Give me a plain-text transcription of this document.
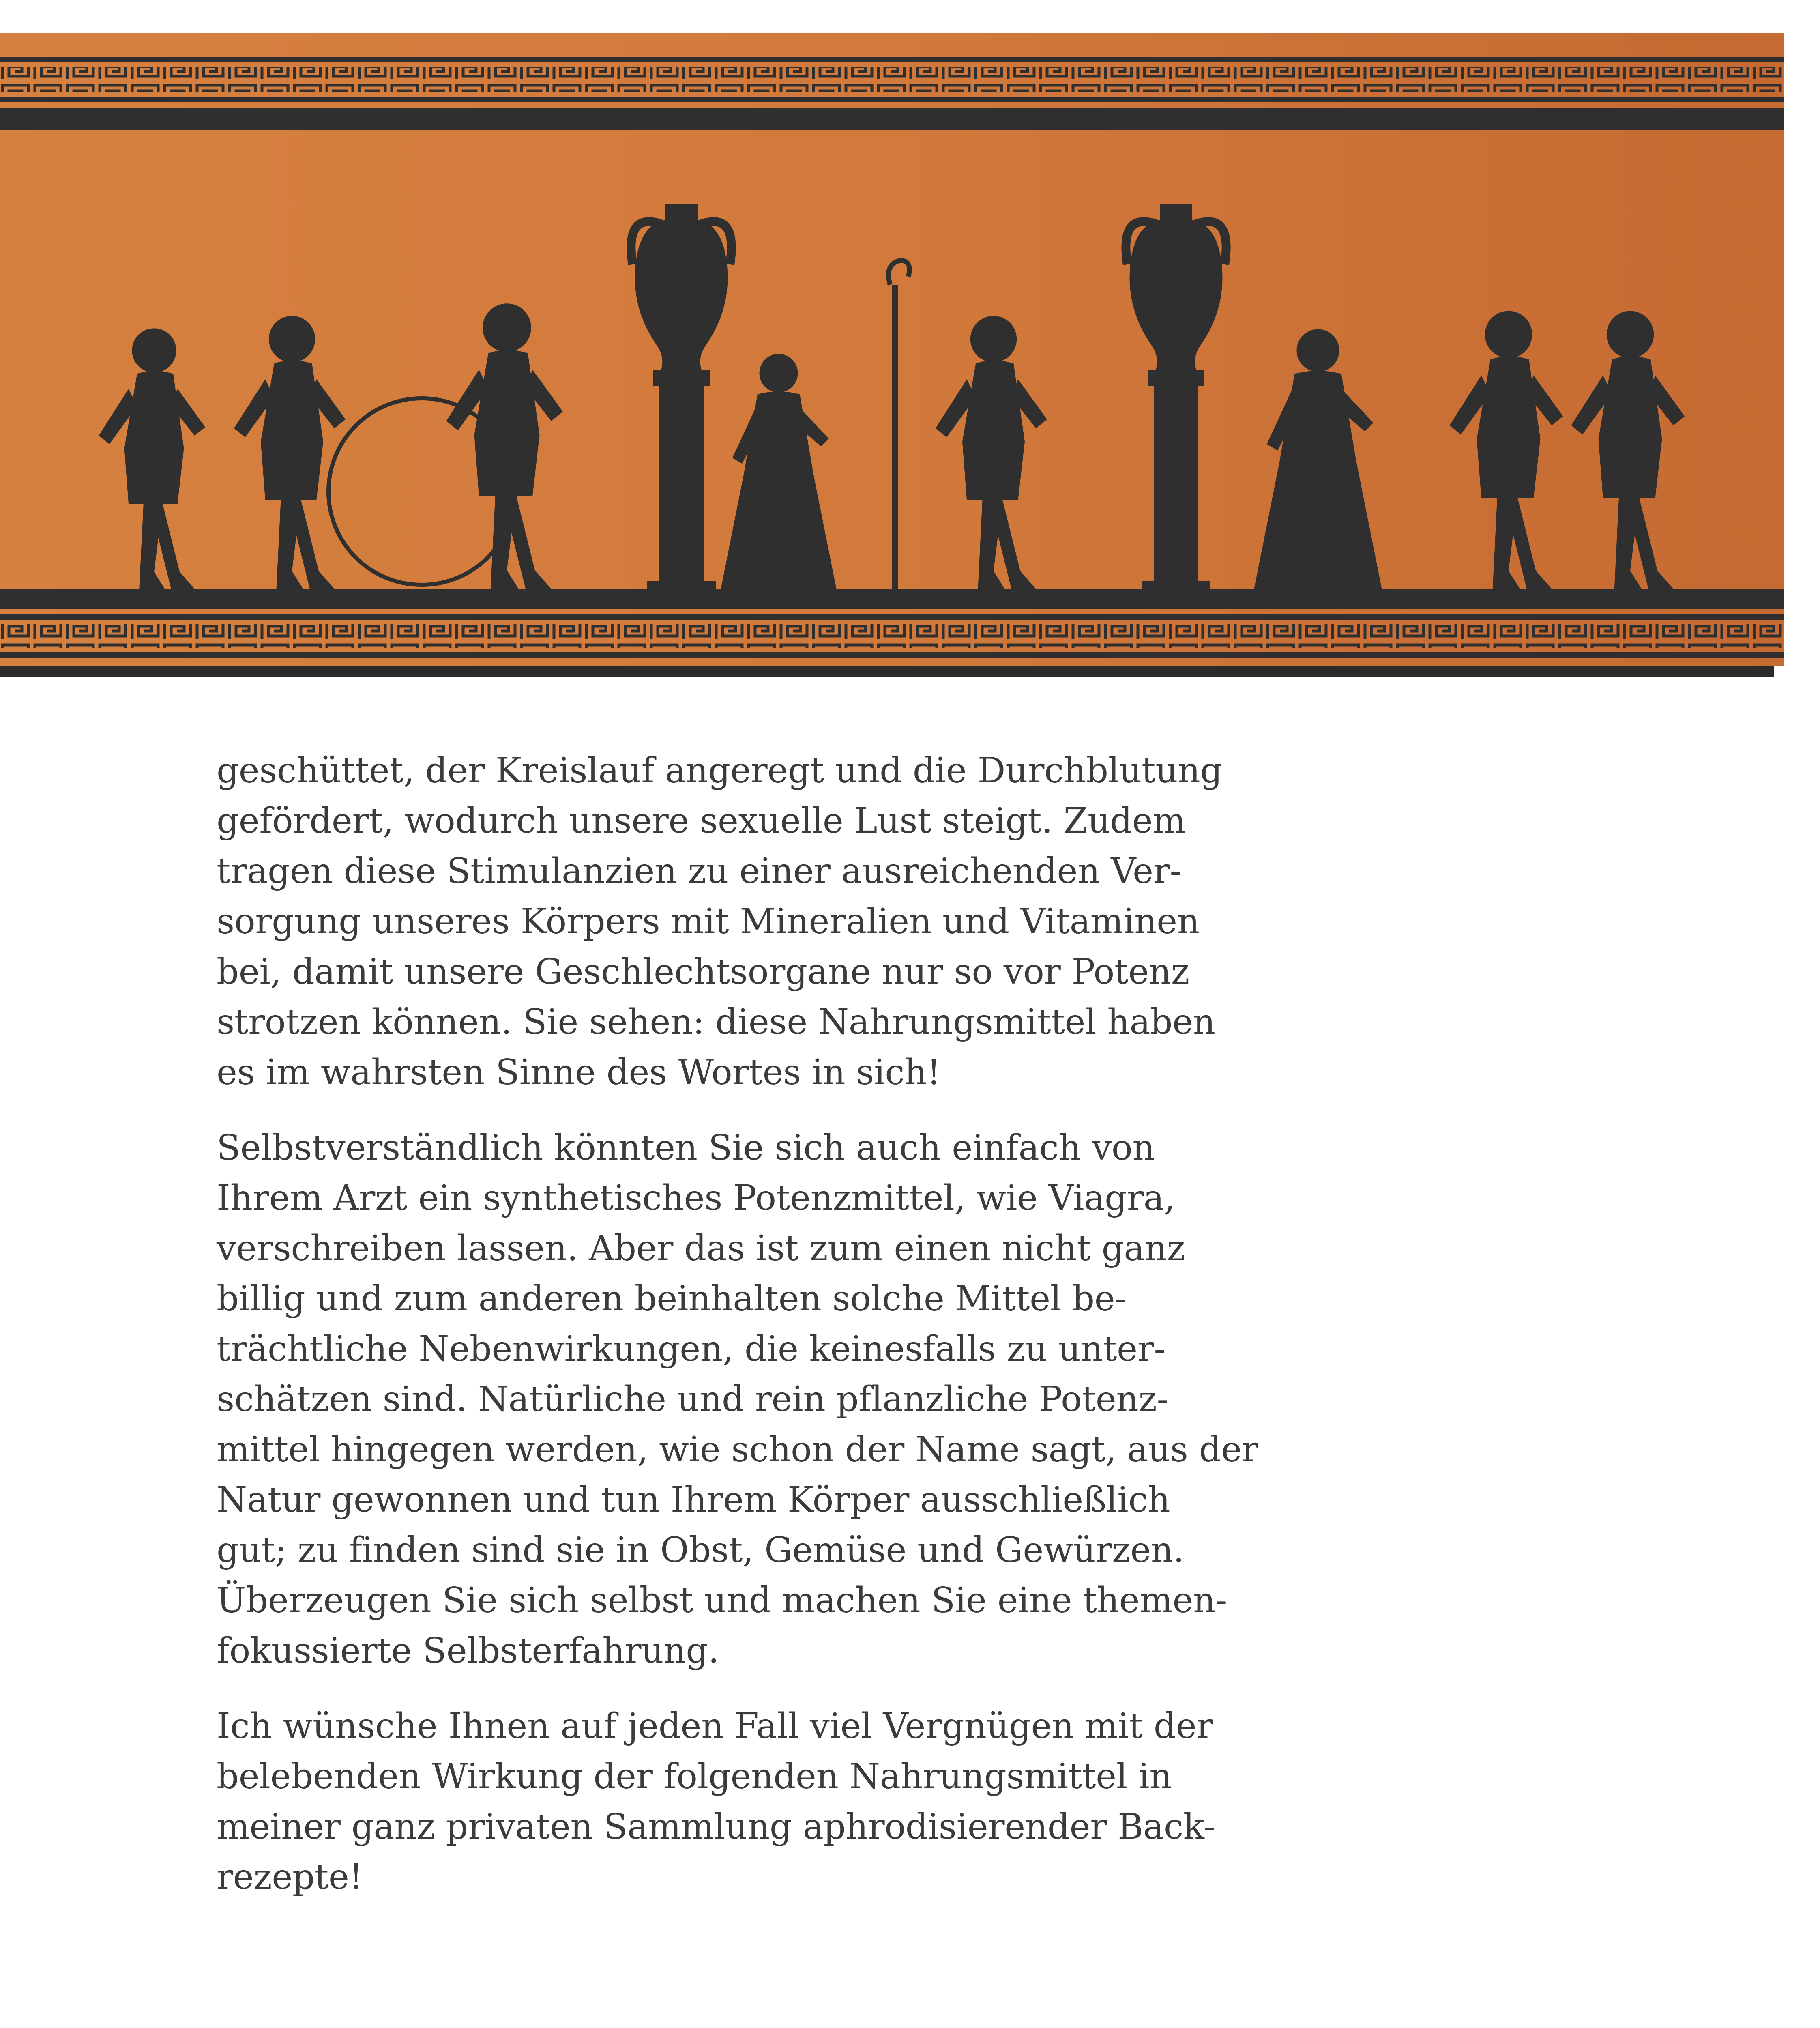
geschüttet, der Kreislauf angeregt und die Durchblutung
gefördert, wodurch unsere sexuelle Lust steigt. Zudem
tragen diese Stimulanzien zu einer ausreichenden Ver-
sorgung unseres Körpers mit Mineralien und Vitaminen
bei, damit unsere Geschlechtsorgane nur so vor Potenz
strotzen können. Sie sehen: diese Nahrungsmittel haben
es im wahrsten Sinne des Wortes in sich!

Selbstverständlich könnten Sie sich auch einfach von
Ihrem Arzt ein synthetisches Potenzmittel, wie Viagra,
verschreiben lassen. Aber das ist zum einen nicht ganz
billig und zum anderen beinhalten solche Mittel be-
trächtliche Nebenwirkungen, die keinesfalls zu unter-
schätzen sind. Natürliche und rein pflanzliche Potenz-
mittel hingegen werden, wie schon der Name sagt, aus der
Natur gewonnen und tun Ihrem Körper ausschließlich
gut; zu finden sind sie in Obst, Gemüse und Gewürzen.
Überzeugen Sie sich selbst und machen Sie eine themen-
fokussierte Selbsterfahrung.

Ich wünsche Ihnen auf jeden Fall viel Vergnügen mit der
belebenden Wirkung der folgenden Nahrungsmittel in
meiner ganz privaten Sammlung aphrodisierender Back-
rezepte!
